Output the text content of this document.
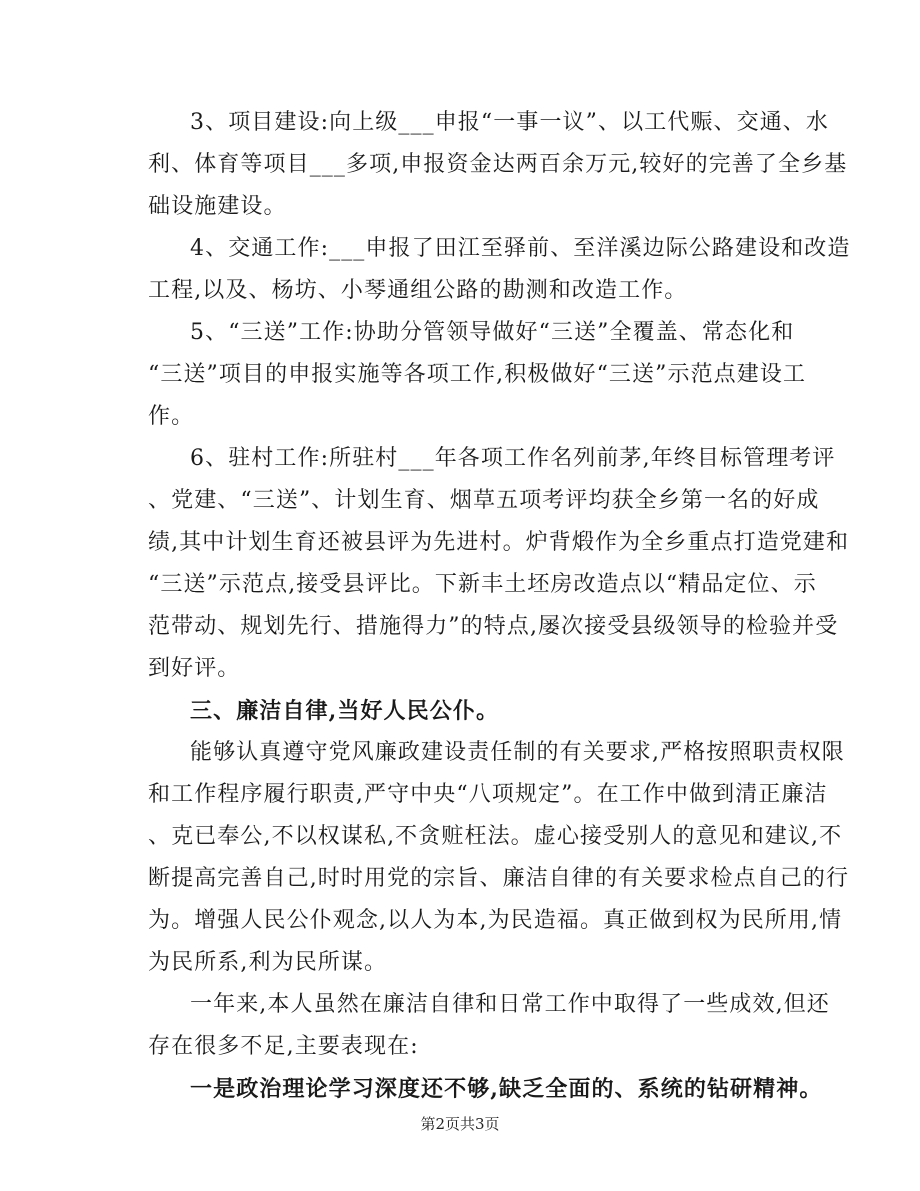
3、项目建设:向上级___申报“一事一议”、以工代赈、交通、水
利、体育等项目___多项,申报资金达两百余万元,较好的完善了全乡基
础设施建设。
4、交通工作:___申报了田江至驿前、至洋溪边际公路建设和改造
工程,以及、杨坊、小琴通组公路的勘测和改造工作。
5、“三送”工作:协助分管领导做好“三送”全覆盖、常态化和
“三送”项目的申报实施等各项工作,积极做好“三送”示范点建设工
作。
6、驻村工作:所驻村___年各项工作名列前茅,年终目标管理考评
、党建、“三送”、计划生育、烟草五项考评均获全乡第一名的好成
绩,其中计划生育还被县评为先进村。炉背煅作为全乡重点打造党建和
“三送”示范点,接受县评比。下新丰土坯房改造点以“精品定位、示
范带动、规划先行、措施得力”的特点,屡次接受县级领导的检验并受
到好评。
三、廉洁自律,当好人民公仆。
能够认真遵守党风廉政建设责任制的有关要求,严格按照职责权限
和工作程序履行职责,严守中央“八项规定”。在工作中做到清正廉洁
、克已奉公,不以权谋私,不贪赃枉法。虚心接受别人的意见和建议,不
断提高完善自己,时时用党的宗旨、廉洁自律的有关要求检点自己的行
为。增强人民公仆观念,以人为本,为民造福。真正做到权为民所用,情
为民所系,利为民所谋。
一年来,本人虽然在廉洁自律和日常工作中取得了一些成效,但还
存在很多不足,主要表现在:
一是政治理论学习深度还不够,缺乏全面的、系统的钻研精神。
第2页共3页
